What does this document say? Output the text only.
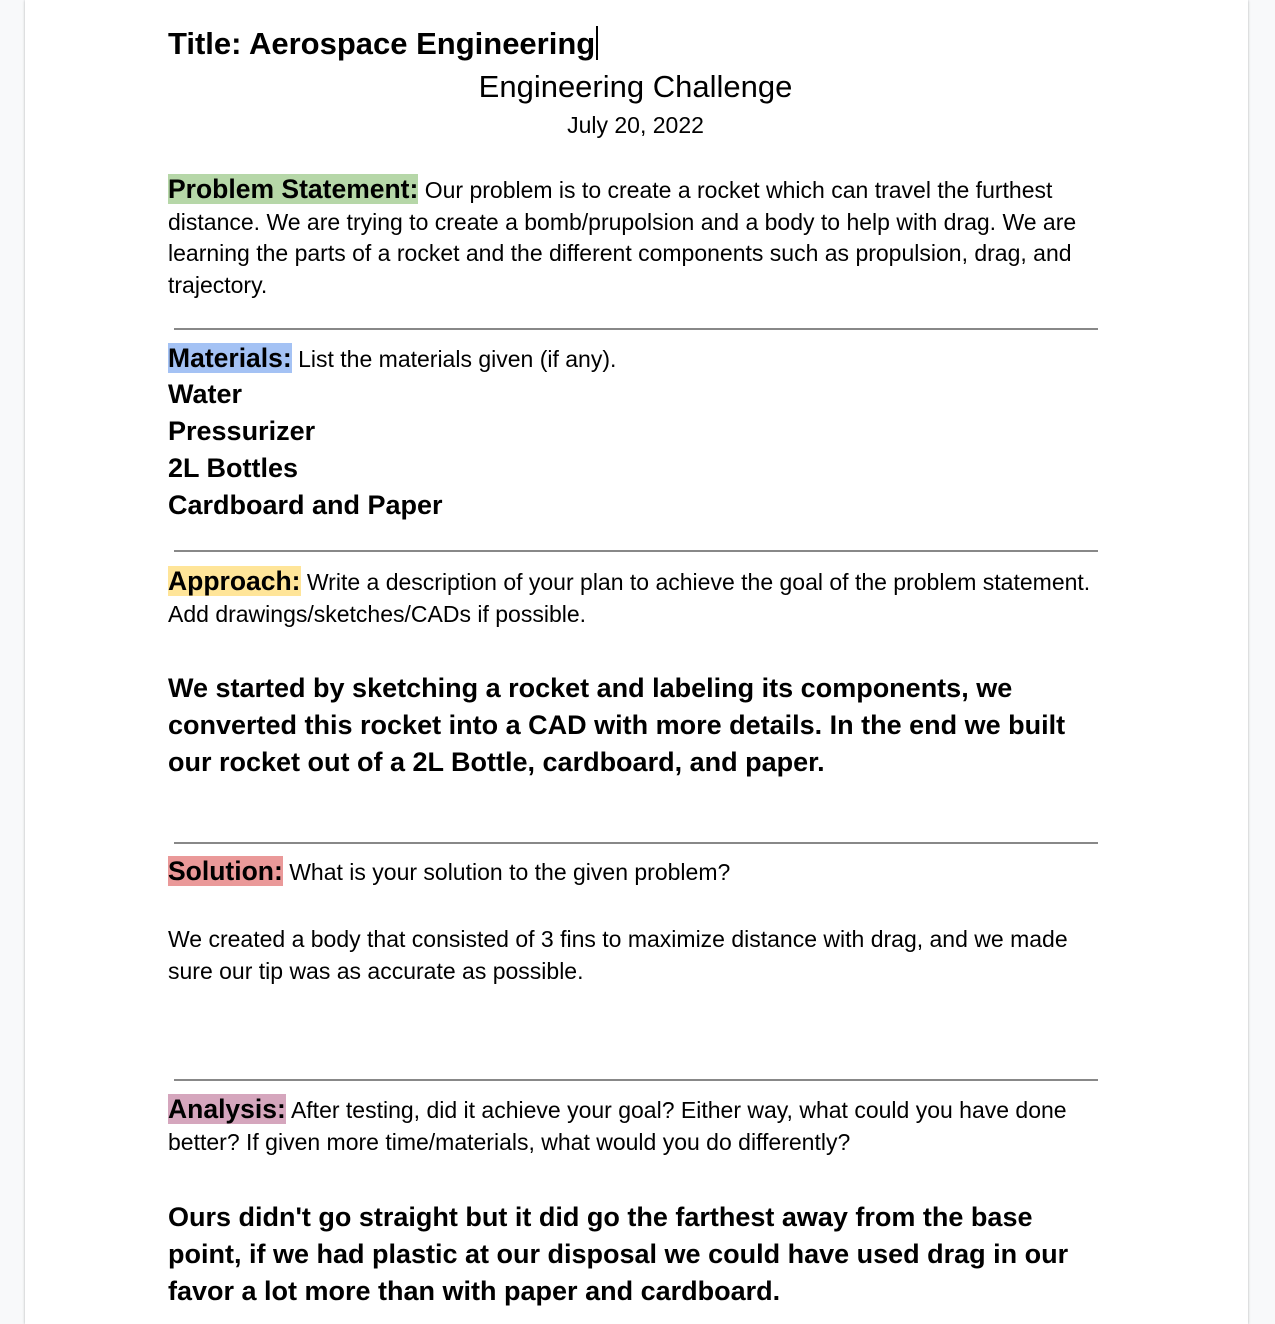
Title: Aerospace Engineering
Engineering Challenge
July 20, 2022

Problem Statement: Our problem is to create a rocket which can travel the furthest distance. We are trying to create a bomb/prupolsion and a body to help with drag. We are learning the parts of a rocket and the different components such as propulsion, drag, and trajectory.

Materials: List the materials given (if any).

Water
Pressurizer
2L Bottles
Cardboard and Paper

Approach: Write a description of your plan to achieve the goal of the problem statement. Add drawings/sketches/CADs if possible.

We started by sketching a rocket and labeling its components, we converted this rocket into a CAD with more details. In the end we built our rocket out of a 2L Bottle, cardboard, and paper.

Solution: What is your solution to the given problem?

We created a body that consisted of 3 fins to maximize distance with drag, and we made sure our tip was as accurate as possible.

Analysis: After testing, did it achieve your goal? Either way, what could you have done better? If given more time/materials, what would you do differently?

Ours didn't go straight but it did go the farthest away from the base point, if we had plastic at our disposal we could have used drag in our favor a lot more than with paper and cardboard.
